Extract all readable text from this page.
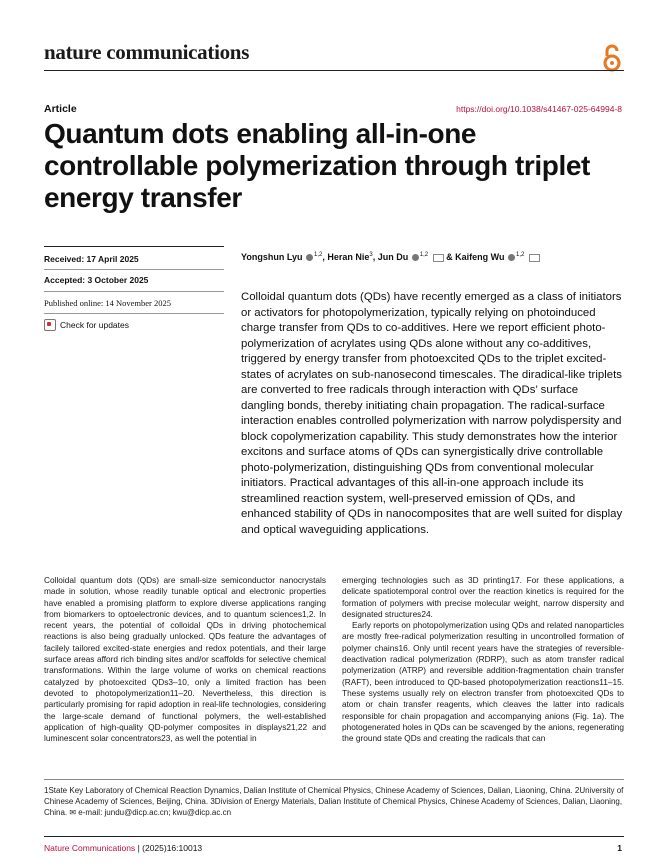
nature communications
Article	https://doi.org/10.1038/s41467-025-64994-8
Quantum dots enabling all-in-one controllable polymerization through triplet energy transfer
Received: 17 April 2025
Accepted: 3 October 2025
Published online: 14 November 2025
Check for updates
Yongshun Lyu $^{1,2}$, Heran Nie$^3$, Jun Du $^{1,2}$  & Kaifeng Wu $^{1,2}$
Colloidal quantum dots (QDs) have recently emerged as a class of initiators or activators for photopolymerization, typically relying on photoinduced charge transfer from QDs to co-additives. Here we report efficient photo-polymerization of acrylates using QDs alone without any co-additives, triggered by energy transfer from photoexcited QDs to the triplet excited-states of acrylates on sub-nanosecond timescales. The diradical-like triplets are converted to free radicals through interaction with QDs’ surface dangling bonds, thereby initiating chain propagation. The radical-surface interaction enables controlled polymerization with narrow polydispersity and block copolymerization capability. This study demonstrates how the interior excitons and surface atoms of QDs can synergistically drive controllable photo-polymerization, distinguishing QDs from conventional molecular initiators. Practical advantages of this all-in-one approach include its streamlined reaction system, well-preserved emission of QDs, and enhanced stability of QDs in nanocomposites that are well suited for display and optical waveguiding applications.

Colloidal quantum dots (QDs) are small-size semiconductor nanocrystals made in solution, whose readily tunable optical and electronic properties have enabled a promising platform to explore diverse applications ranging from biomarkers to optoelectronic devices, and to quantum sciences1,2. In recent years, the potential of colloidal QDs in driving photochemical reactions is also being gradually unlocked. QDs feature the advantages of facilely tailored excited-state energies and redox potentials, and their large surface areas afford rich binding sites and/or scaffolds for selective chemical transformations. Within the large volume of works on chemical reactions catalyzed by photoexcited QDs3–10, only a limited fraction has been devoted to photopolymerization11–20. Nevertheless, this direction is particularly promising for rapid adoption in real-life technologies, considering the large-scale demand of functional polymers, the well-established application of high-quality QD-polymer composites in displays21,22 and luminescent solar concentrators23, as well the potential in

emerging technologies such as 3D printing17. For these applications, a delicate spatiotemporal control over the reaction kinetics is required for the formation of polymers with precise molecular weight, narrow dispersity and designated structures24.

Early reports on photopolymerization using QDs and related nanoparticles are mostly free-radical polymerization resulting in uncontrolled formation of polymer chains16. Only until recent years have the strategies of reversible-deactivation radical polymerization (RDRP), such as atom transfer radical polymerization (ATRP) and reversible addition-fragmentation chain transfer (RAFT), been introduced to QD-based photopolymerization reactions11–15. These systems usually rely on electron transfer from photoexcited QDs to atom or chain transfer reagents, which cleaves the latter into radicals responsible for chain propagation and accompanying anions (Fig. 1a). The photogenerated holes in QDs can be scavenged by the anions, regenerating the ground state QDs and creating the radicals that can

1State Key Laboratory of Chemical Reaction Dynamics, Dalian Institute of Chemical Physics, Chinese Academy of Sciences, Dalian, Liaoning, China. 2University of Chinese Academy of Sciences, Beijing, China. 3Division of Energy Materials, Dalian Institute of Chemical Physics, Chinese Academy of Sciences, Dalian, Liaoning, China. ✉ e-mail: jundu@dicp.ac.cn; kwu@dicp.ac.cn
Nature Communications | (2025)16:10013	1
